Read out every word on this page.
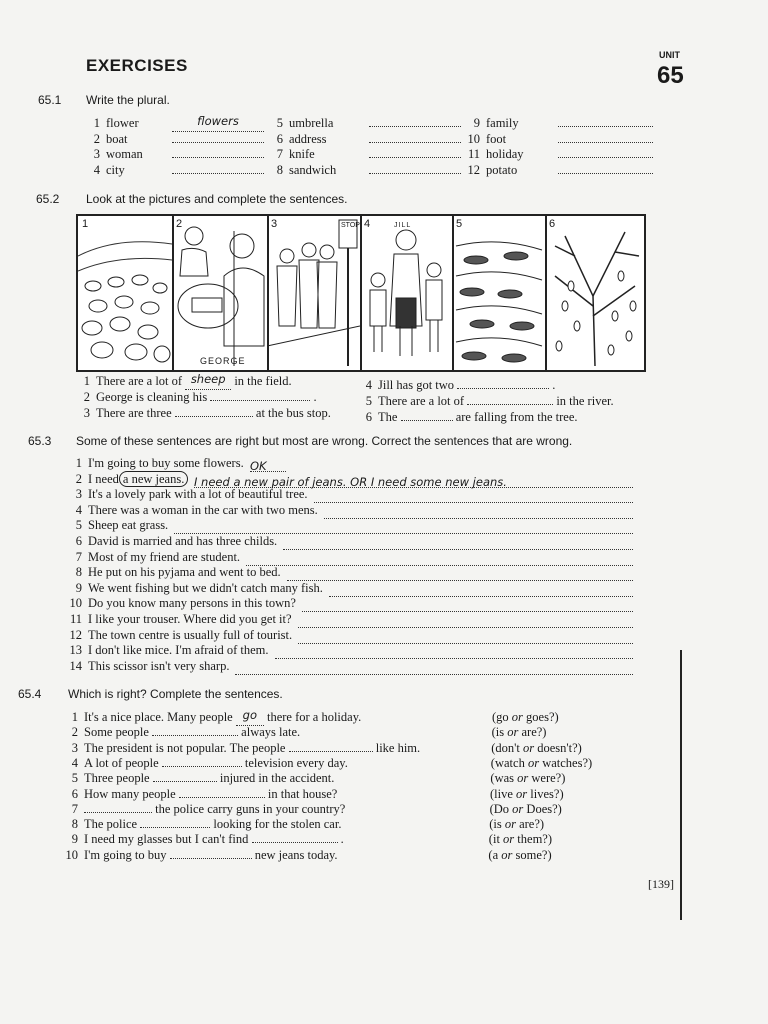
EXERCISES
UNIT
65
65.1 Write the plural.
1 flower	flowers
2 boat
3 woman
4 city
5 umbrella
6 address
7 knife
8 sandwich
9 family
10 foot
11 holiday
12 potato
65.2 Look at the pictures and complete the sentences.
1	2
GEORGE
3	STOP 4	JILL	5	6
1 There are a lot of sheep in the field.
2 George is cleaning his	.
3 There are three	at the bus stop.
4 Jill has got two	.
5 There are a lot of	in the river.
6 The	are falling from the tree.
65.3 Some of these sentences are right but most are wrong. Correct the sentences that are wrong.
1 I'm going to buy some flowers. OK
2 I need a new jeans. I need a new pair of jeans. OR I need some new jeans.
3 It's a lovely park with a lot of beautiful tree.
4 There was a woman in the car with two mens.
5 Sheep eat grass.
6 David is married and has three childs.
7 Most of my friend are student.
8 He put on his pyjama and went to bed.
9 We went fishing but we didn't catch many fish.
10 Do you know many persons in this town?
11 I like your trouser. Where did you get it?
12 The town centre is usually full of tourist.
13 I don't like mice. I'm afraid of them.
14 This scissor isn't very sharp.
65.4 Which is right? Complete the sentences.
1 It's a nice place. Many people go there for a holiday.	(go or goes?)
2 Some people	always late.	(is or are?)
3 The president is not popular. The people	like him.	(don't or doesn't?)
4 A lot of people	television every day.	(watch or watches?)
5 Three people	injured in the accident.	(was or were?)
6 How many people	in that house?	(live or lives?)
7	the police carry guns in your country?	(Do or Does?)
8 The police	looking for the stolen car.	(is or are?)
9 I need my glasses but I can't find	.	(it or them?)
10 I'm going to buy	new jeans today.	(a or some?)
[139]
